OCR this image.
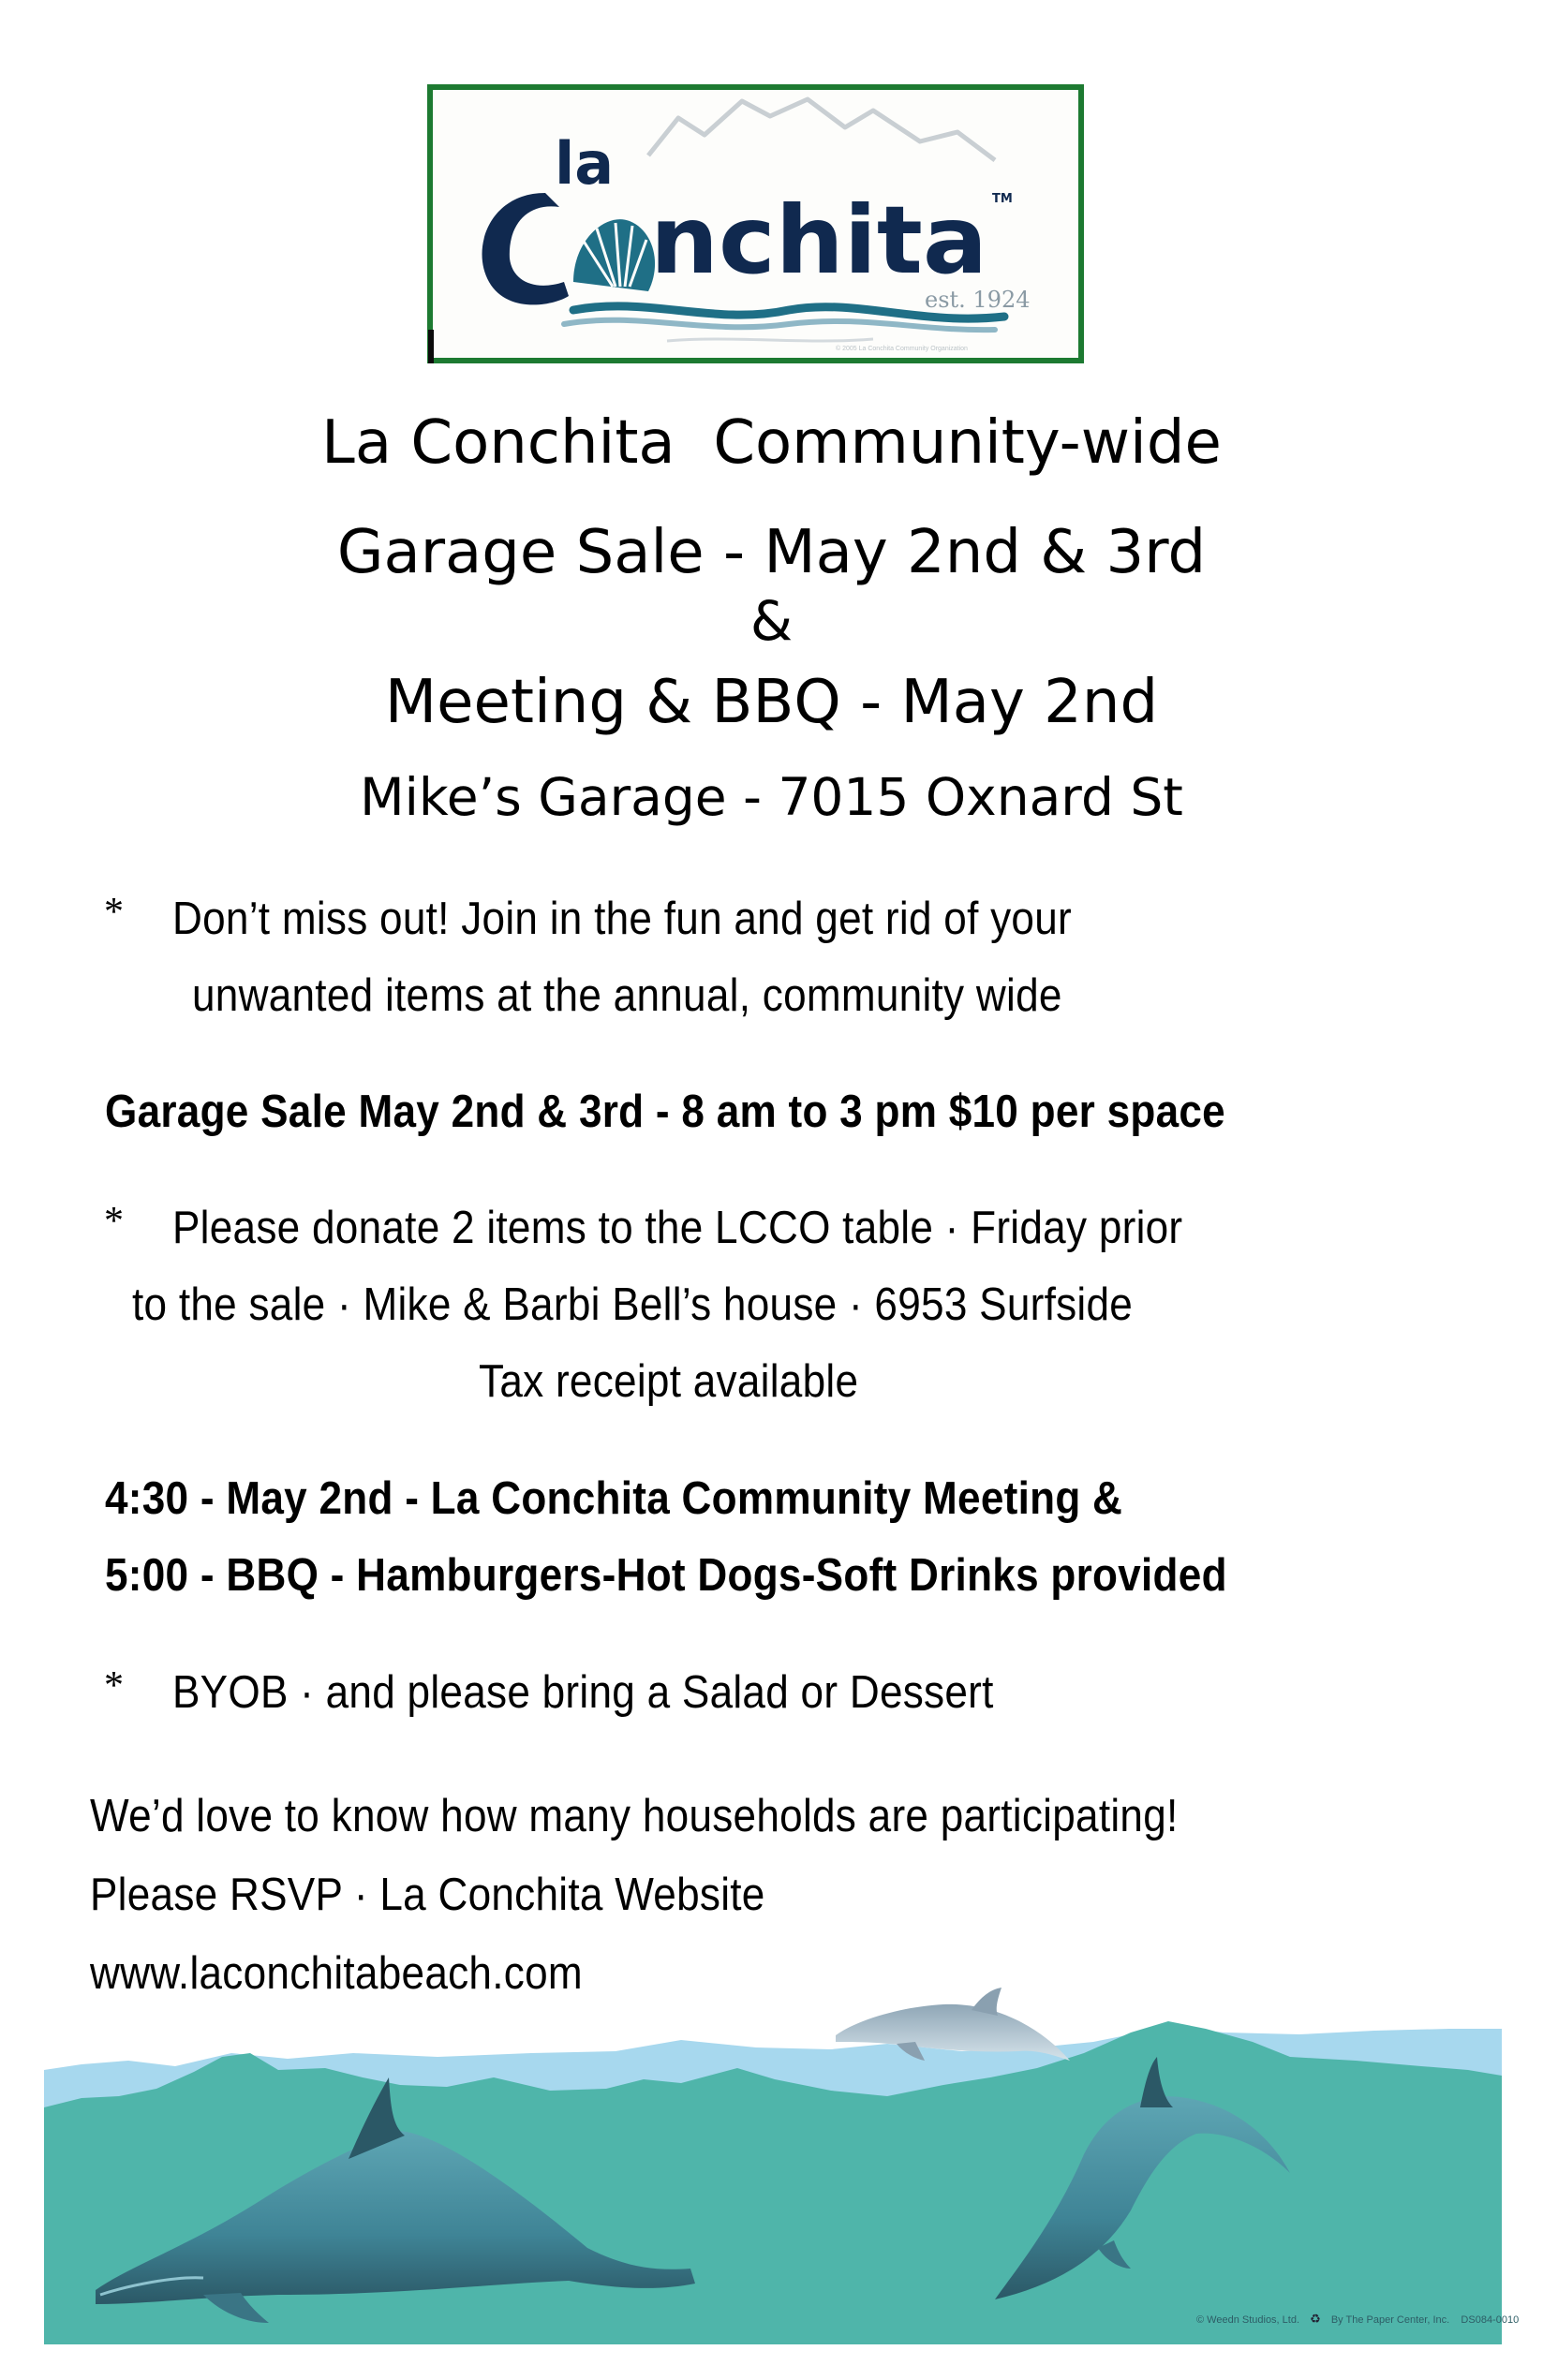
la
nchita TM
est. 1924
© 2005 La Conchita Community Organization
La Conchita  Community-wide
Garage Sale - May 2nd & 3rd
&
Meeting & BBQ - May 2nd
Mike’s Garage - 7015 Oxnard St
* Don’t miss out! Join in the fun and get rid of your
unwanted items at the annual, community wide
Garage Sale May 2nd & 3rd - 8 am to 3 pm $10 per space
* Please donate 2 items to the LCCO table · Friday prior
to the sale · Mike & Barbi Bell’s house · 6953 Surfside
Tax receipt available
4:30 - May 2nd - La Conchita Community Meeting &
5:00 - BBQ - Hamburgers-Hot Dogs-Soft Drinks provided
* BYOB · and please bring a Salad or Dessert
We’d love to know how many households are participating!
Please RSVP · La Conchita Website
www.laconchitabeach.com
© Weedn Studios, Ltd. ♻ By The Paper Center, Inc. DS084-0010
